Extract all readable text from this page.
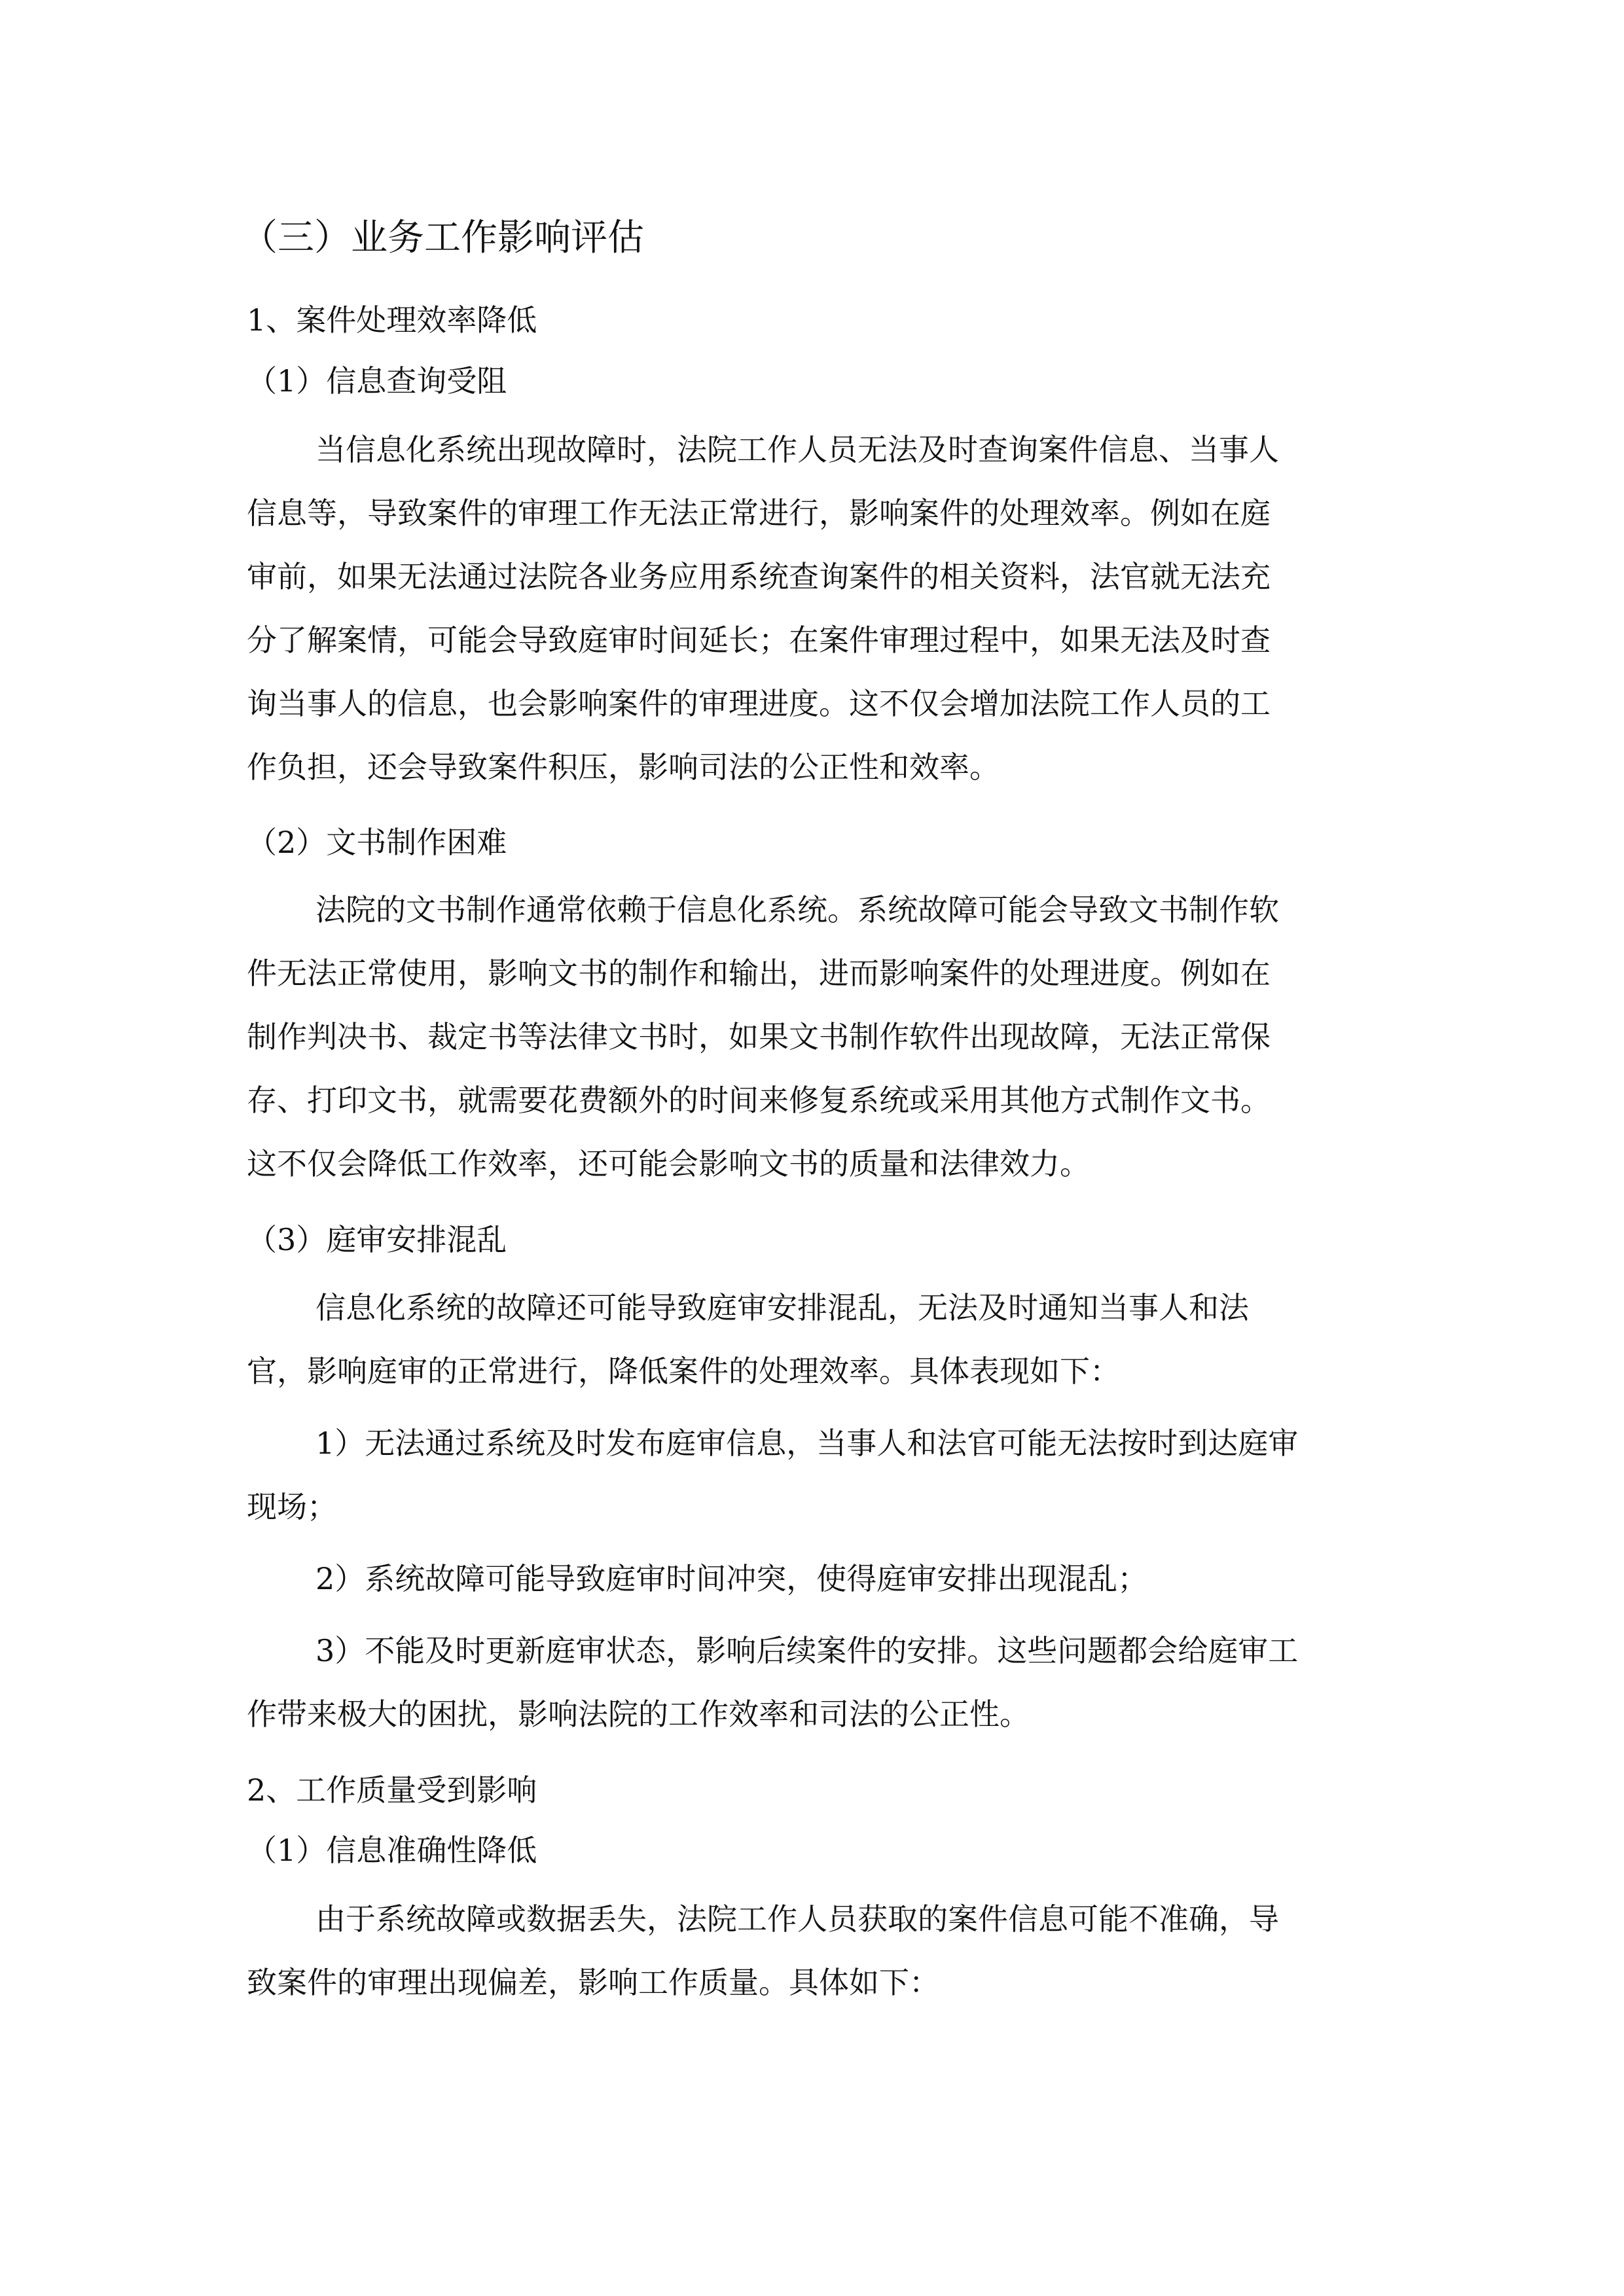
（三）业务工作影响评估
1、案件处理效率降低
（1）信息查询受阻
当信息化系统出现故障时，法院工作人员无法及时查询案件信息、当事人
信息等，导致案件的审理工作无法正常进行，影响案件的处理效率。例如在庭
审前，如果无法通过法院各业务应用系统查询案件的相关资料，法官就无法充
分了解案情，可能会导致庭审时间延长；在案件审理过程中，如果无法及时查
询当事人的信息，也会影响案件的审理进度。这不仅会增加法院工作人员的工
作负担，还会导致案件积压，影响司法的公正性和效率。
（2）文书制作困难
法院的文书制作通常依赖于信息化系统。系统故障可能会导致文书制作软
件无法正常使用，影响文书的制作和输出，进而影响案件的处理进度。例如在
制作判决书、裁定书等法律文书时，如果文书制作软件出现故障，无法正常保
存、打印文书，就需要花费额外的时间来修复系统或采用其他方式制作文书。
这不仅会降低工作效率，还可能会影响文书的质量和法律效力。
（3）庭审安排混乱
信息化系统的故障还可能导致庭审安排混乱，无法及时通知当事人和法
官，影响庭审的正常进行，降低案件的处理效率。具体表现如下：
1）无法通过系统及时发布庭审信息，当事人和法官可能无法按时到达庭审
现场；
2）系统故障可能导致庭审时间冲突，使得庭审安排出现混乱；
3）不能及时更新庭审状态，影响后续案件的安排。这些问题都会给庭审工
作带来极大的困扰，影响法院的工作效率和司法的公正性。
2、工作质量受到影响
（1）信息准确性降低
由于系统故障或数据丢失，法院工作人员获取的案件信息可能不准确，导
致案件的审理出现偏差，影响工作质量。具体如下：
